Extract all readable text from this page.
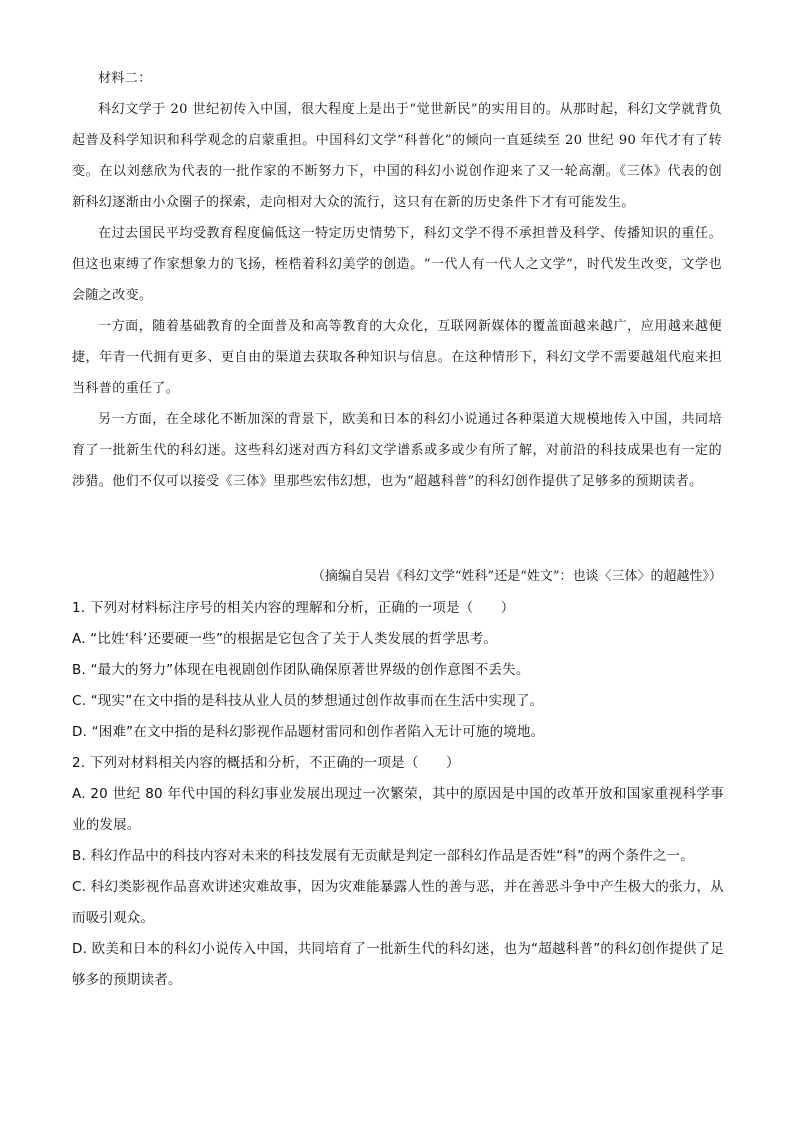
材料二：

科幻文学于 20 世纪初传入中国，很大程度上是出于“觉世新民”的实用目的。从那时起，科幻文学就背负起普及科学知识和科学观念的启蒙重担。中国科幻文学“科普化”的倾向一直延续至 20 世纪 90 年代才有了转变。在以刘慈欣为代表的一批作家的不断努力下，中国的科幻小说创作迎来了又一轮高潮。《三体》代表的创新科幻逐渐由小众圈子的探索，走向相对大众的流行，这只有在新的历史条件下才有可能发生。

在过去国民平均受教育程度偏低这一特定历史情势下，科幻文学不得不承担普及科学、传播知识的重任。但这也束缚了作家想象力的飞扬，桎梏着科幻美学的创造。“一代人有一代人之文学”，时代发生改变，文学也会随之改变。

一方面，随着基础教育的全面普及和高等教育的大众化，互联网新媒体的覆盖面越来越广，应用越来越便捷，年青一代拥有更多、更自由的渠道去获取各种知识与信息。在这种情形下，科幻文学不需要越俎代庖来担当科普的重任了。

另一方面，在全球化不断加深的背景下，欧美和日本的科幻小说通过各种渠道大规模地传入中国，共同培育了一批新生代的科幻迷。这些科幻迷对西方科幻文学谱系或多或少有所了解，对前沿的科技成果也有一定的涉猎。他们不仅可以接受《三体》里那些宏伟幻想，也为“超越科普”的科幻创作提供了足够多的预期读者。

（摘编自吴岩《科幻文学“姓科”还是“姓文”：也谈〈三体〉的超越性》）

1. 下列对材料标注序号的相关内容的理解和分析，正确的一项是（　　）

A. “比姓‘科’还要硬一些”的根据是它包含了关于人类发展的哲学思考。

B. “最大的努力”体现在电视剧创作团队确保原著世界级的创作意图不丢失。

C. “现实”在文中指的是科技从业人员的梦想通过创作故事而在生活中实现了。

D. “困难”在文中指的是科幻影视作品题材雷同和创作者陷入无计可施的境地。

2. 下列对材料相关内容的概括和分析，不正确的一项是（　　）

A. 20 世纪 80 年代中国的科幻事业发展出现过一次繁荣，其中的原因是中国的改革开放和国家重视科学事业的发展。

B. 科幻作品中的科技内容对未来的科技发展有无贡献是判定一部科幻作品是否姓“科”的两个条件之一。

C. 科幻类影视作品喜欢讲述灾难故事，因为灾难能暴露人性的善与恶，并在善恶斗争中产生极大的张力，从而吸引观众。

D. 欧美和日本的科幻小说传入中国，共同培育了一批新生代的科幻迷，也为“超越科普”的科幻创作提供了足够多的预期读者。
